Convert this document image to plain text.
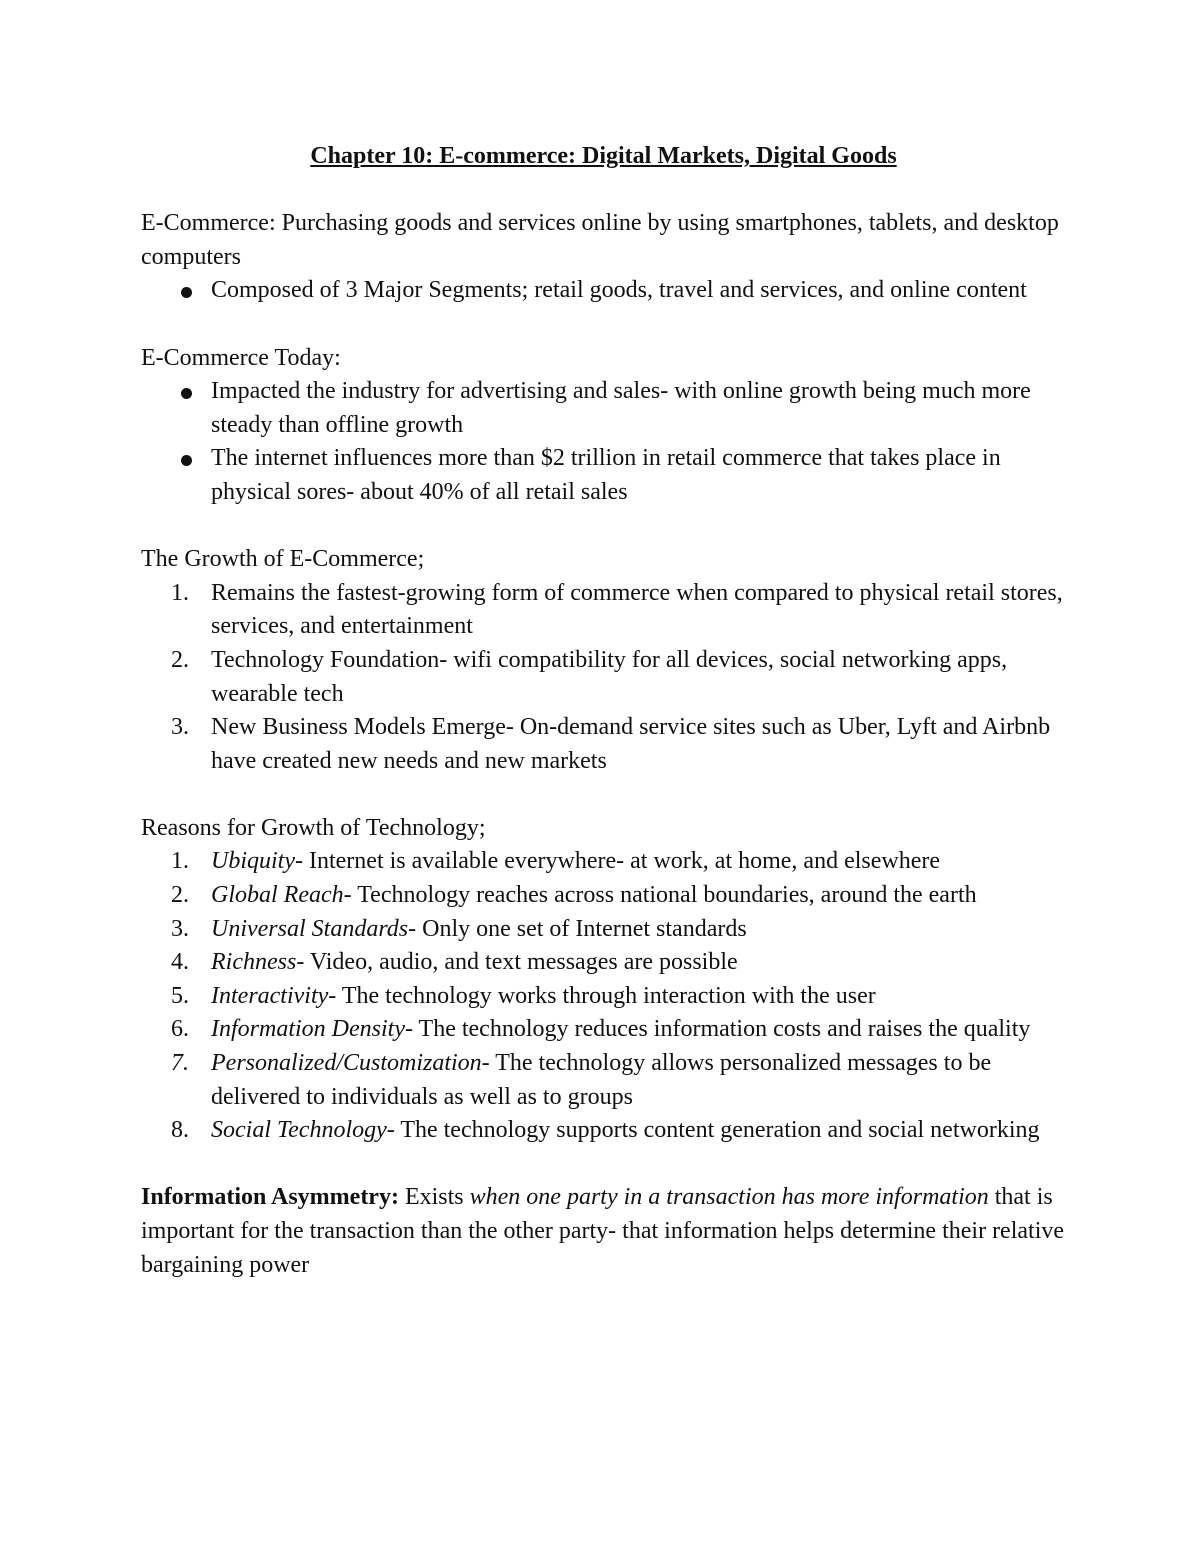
Chapter 10: E-commerce: Digital Markets, Digital Goods

E-Commerce: Purchasing goods and services online by using smartphones, tablets, and desktop computers

Composed of 3 Major Segments; retail goods, travel and services, and online content

E-Commerce Today:

Impacted the industry for advertising and sales- with online growth being much more steady than offline growth
The internet influences more than $2 trillion in retail commerce that takes place in physical sores- about 40% of all retail sales

The Growth of E-Commerce;

1. Remains the fastest-growing form of commerce when compared to physical retail stores, services, and entertainment
2. Technology Foundation- wifi compatibility for all devices, social networking apps, wearable tech
3. New Business Models Emerge- On-demand service sites such as Uber, Lyft and Airbnb have created new needs and new markets

Reasons for Growth of Technology;

1. Ubiquity- Internet is available everywhere- at work, at home, and elsewhere
2. Global Reach- Technology reaches across national boundaries, around the earth
3. Universal Standards- Only one set of Internet standards
4. Richness- Video, audio, and text messages are possible
5. Interactivity- The technology works through interaction with the user
6. Information Density- The technology reduces information costs and raises the quality
7. Personalized/Customization- The technology allows personalized messages to be delivered to individuals as well as to groups
8. Social Technology- The technology supports content generation and social networking

Information Asymmetry: Exists when one party in a transaction has more information that is important for the transaction than the other party- that information helps determine their relative bargaining power
